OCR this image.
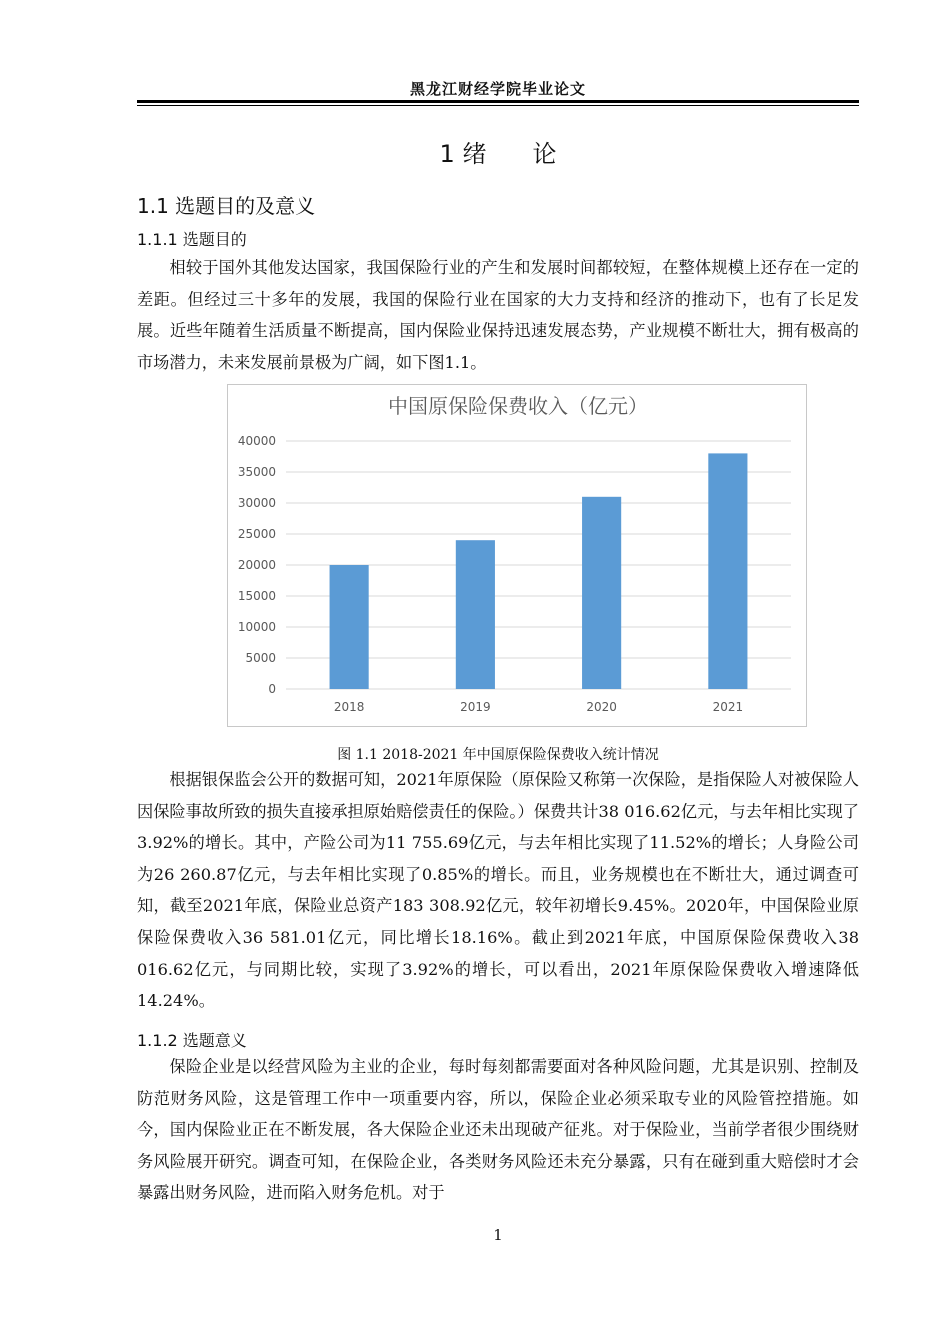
黑龙江财经学院毕业论文
1 绪 论
1.1 选题目的及意义
1.1.1 选题目的

相较于国外其他发达国家，我国保险行业的产生和发展时间都较短，在整体规模上还存在一定的差距。但经过三十多年的发展，我国的保险行业在国家的大力支持和经济的推动下，也有了长足发展。近些年随着生活质量不断提高，国内保险业保持迅速发展态势，产业规模不断壮大，拥有极高的市场潜力，未来发展前景极为广阔，如下图1.1。

中国原保险保费收入（亿元）
0
5000
10000
15000
20000
25000
30000
35000
40000
2018	2019	2020	2021
图 1.1 2018-2021 年中国原保险保费收入统计情况

根据银保监会公开的数据可知，2021年原保险（原保险又称第一次保险，是指保险人对被保险人因保险事故所致的损失直接承担原始赔偿责任的保险。）保费共计38 016.62亿元，与去年相比实现了3.92%的增长。其中，产险公司为11 755.69亿元，与去年相比实现了11.52%的增长；人身险公司为26 260.87亿元，与去年相比实现了0.85%的增长。而且，业务规模也在不断壮大，通过调查可知，截至2021年底，保险业总资产183 308.92亿元，较年初增长9.45%。2020年，中国保险业原保险保费收入36 581.01亿元，同比增长18.16%。截止到2021年底，中国原保险保费收入38 016.62亿元，与同期比较，实现了3.92%的增长，可以看出，2021年原保险保费收入增速降低14.24%。

1.1.2 选题意义

保险企业是以经营风险为主业的企业，每时每刻都需要面对各种风险问题，尤其是识别、控制及防范财务风险，这是管理工作中一项重要内容，所以，保险企业必须采取专业的风险管控措施。如今，国内保险业正在不断发展，各大保险企业还未出现破产征兆。对于保险业，当前学者很少围绕财务风险展开研究。调查可知，在保险企业，各类财务风险还未充分暴露，只有在碰到重大赔偿时才会暴露出财务风险，进而陷入财务危机。对于

1
